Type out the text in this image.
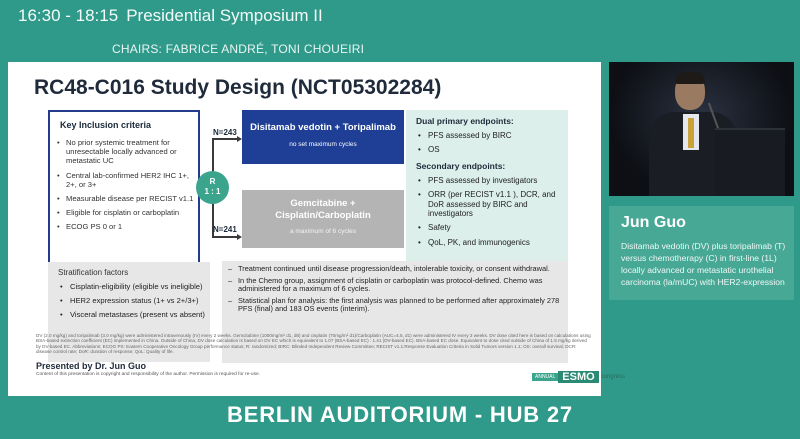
16:30 - 18:15 Presidential Symposium II
CHAIRS: FABRICE ANDRÉ, TONI CHOUEIRI
RC48-C016 Study Design (NCT05302284)
Key Inclusion criteria
• No prior systemic treatment for unresectable locally advanced or metastatic UC
• Central lab-confirmed HER2 IHC 1+, 2+, or 3+
• Measurable disease per RECIST v1.1
• Eligible for cisplatin or carboplatin
• ECOG PS 0 or 1
R
1 : 1
N=243
N=241
Disitamab vedotin + Toripalimab
no set maximum cycles
Gemcitabine + Cisplatin/Carboplatin
a maximum of 6 cycles
Dual primary endpoints:
• PFS assessed by BIRC
• OS
Secondary endpoints:
• PFS assessed by investigators
• ORR (per RECIST v1.1 ), DCR, and DoR assessed by BIRC and investigators
• Safety
• QoL, PK, and immunogenics
Stratification factors
• Cisplatin-eligibility (eligible vs ineligible)
• HER2 expression status (1+ vs 2+/3+)
• Visceral metastases (present vs absent)
– Treatment continued until disease progression/death, intolerable toxicity, or consent withdrawal.
– In the Chemo group, assignment of cisplatin or carboplatin was protocol-defined. Chemo was administered for a maximum of 6 cycles.
– Statistical plan for analysis: the first analysis was planned to be performed after approximately 278 PFS (final) and 183 OS events (interim).
DV (2.0 mg/kg) and toripalimab (3.0 mg/kg) were administered intravenously (IV) every 2 weeks. Gemcitabine (1000mg/m² d1, d8) and cisplatin (70mg/m² d1)/Carboplatin (AUC=4.5, d1) were administered IV every 3 weeks. DV dose cited here is based on calculations using BSA-based extinction coefficient (EC) implemented in China. Outside of China, DV dose calculation is based on DV EC which is equivalent to 1.07 (BSA-based EC) : 1.41 (DV-based EC). BSA-based EC dose. Equivalent to dose cited outside of China of 1.5 mg/kg derived by DV-based EC. Abbreviations: ECOG PS: Eastern Cooperative Oncology Group performance status; R: randomized; BIRC: Blinded Independent Review Committee; RECIST v1.1:Response Evaluation Criteria in Solid Tumors version 1.1; OS: overall survival; DCR: disease control rate; DoR: duration of response; QoL: Quality of life.
Presented by Dr. Jun Guo
Content of this presentation is copyright and responsibility of the author. Permission is required for re-use.	ANNUAL ESMO	congress
Jun Guo
Disitamab vedotin (DV) plus toripalimab (T) versus chemotherapy (C) in first-line (1L) locally advanced or metastatic urothelial carcinoma (la/mUC) with HER2-expression
BERLIN AUDITORIUM - HUB 27
